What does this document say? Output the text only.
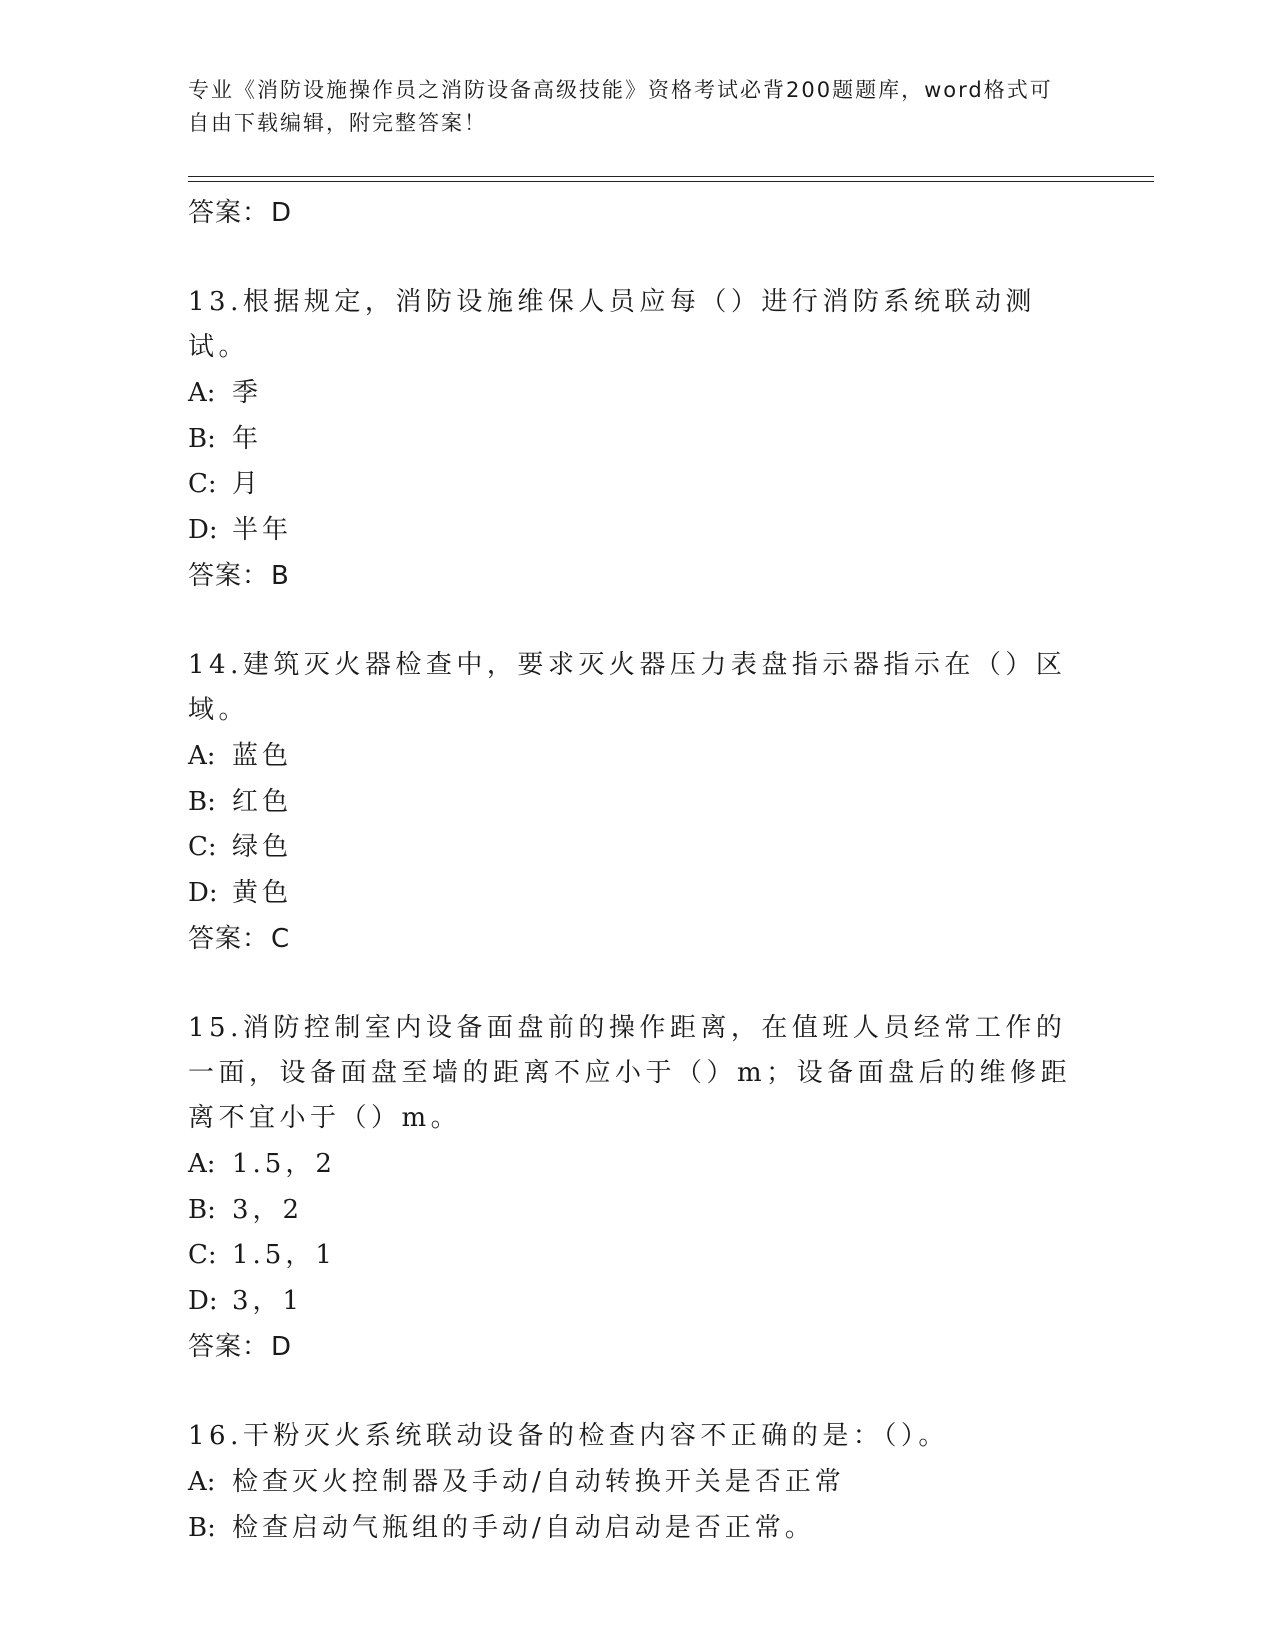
专业《消防设施操作员之消防设备高级技能》资格考试必背200题题库，word格式可自由下载编辑，附完整答案！
答案：D
13.根据规定，消防设施维保人员应每（）进行消防系统联动测试。
A: 季
B: 年
C: 月
D: 半年
答案：B
14.建筑灭火器检查中，要求灭火器压力表盘指示器指示在（）区域。
A: 蓝色
B: 红色
C: 绿色
D: 黄色
答案：C
15.消防控制室内设备面盘前的操作距离，在值班人员经常工作的一面，设备面盘至墙的距离不应小于（）m；设备面盘后的维修距离不宜小于（）m。
A: 1.5，2
B: 3，2
C: 1.5，1
D: 3，1
答案：D
16.干粉灭火系统联动设备的检查内容不正确的是：（）。
A: 检查灭火控制器及手动/自动转换开关是否正常
B: 检查启动气瓶组的手动/自动启动是否正常。
